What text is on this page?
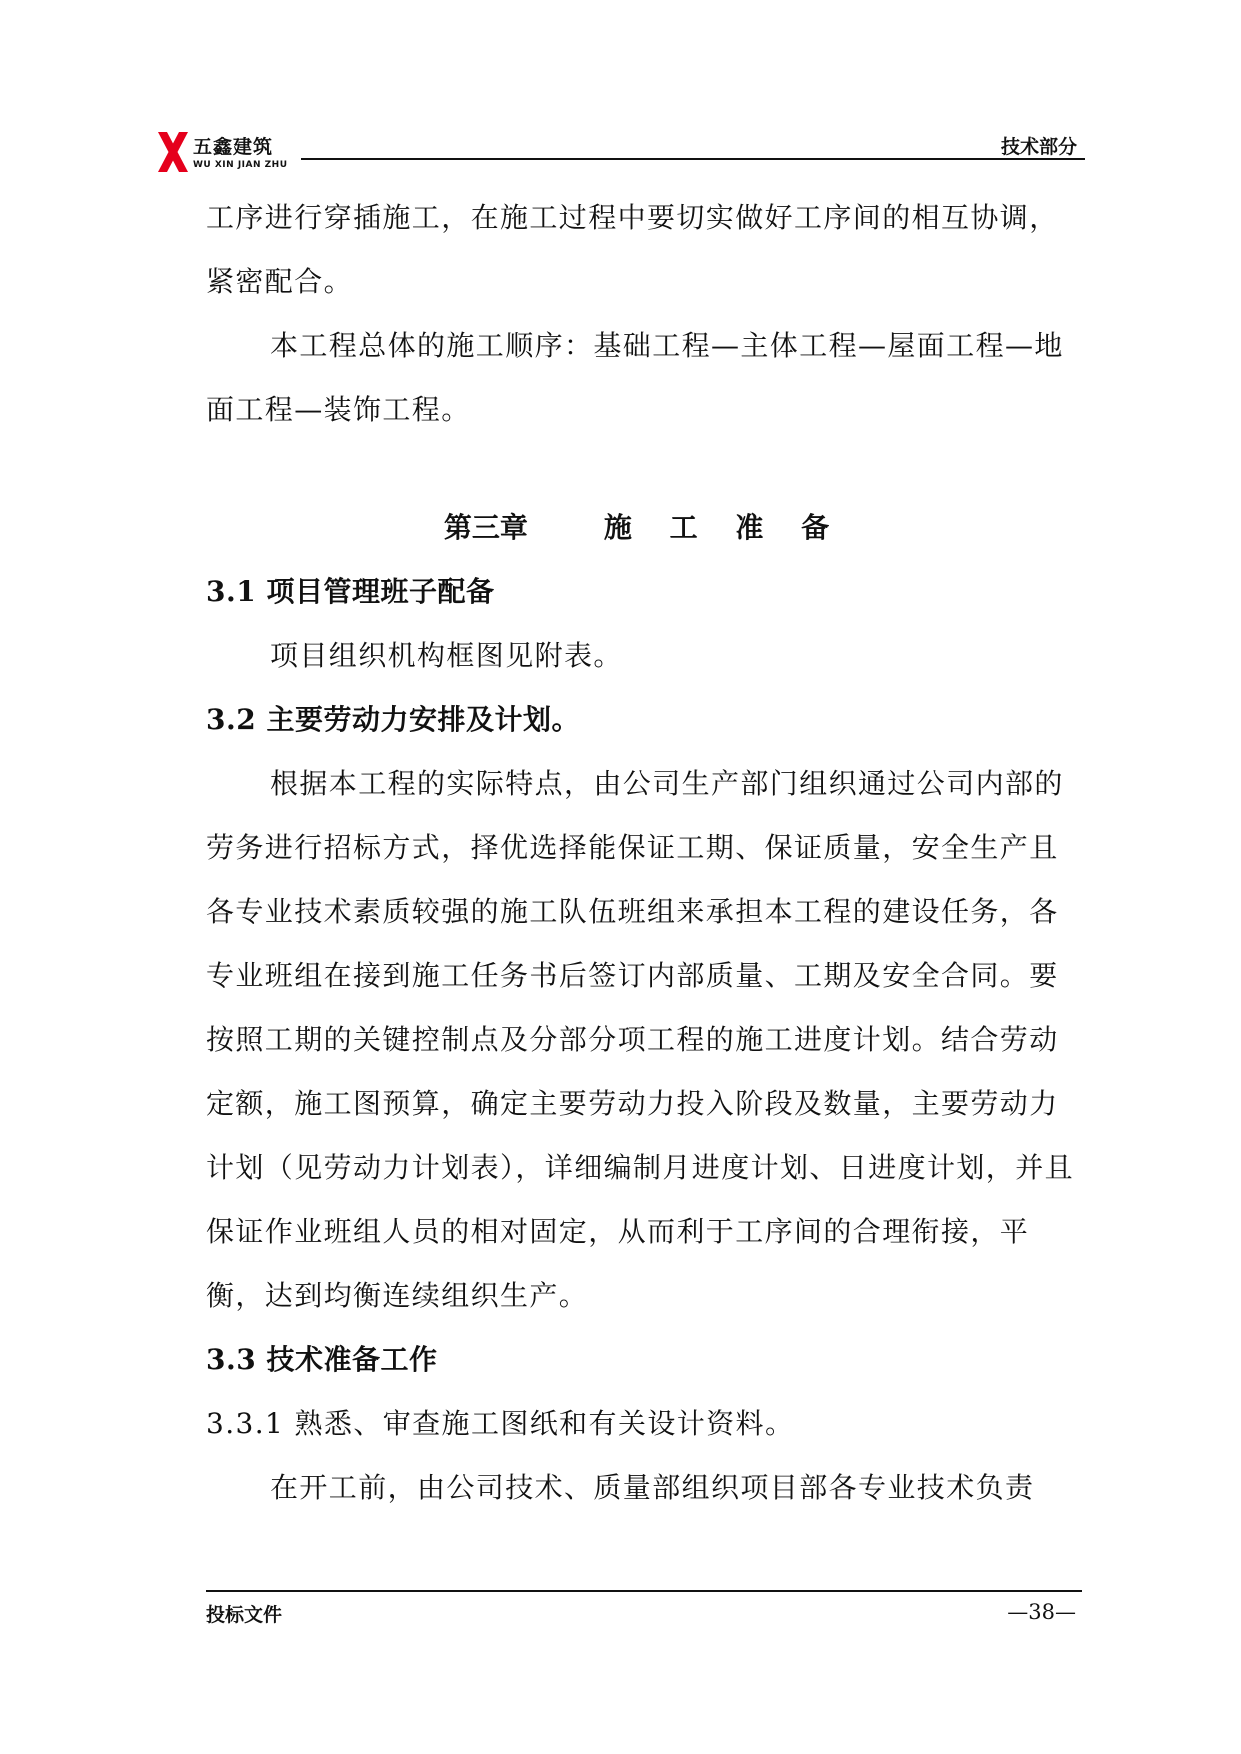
五鑫建筑
WU XIN JIAN ZHU
技术部分

工序进行穿插施工，在施工过程中要切实做好工序间的相互协调，紧密配合。

本工程总体的施工顺序：基础工程—主体工程—屋面工程—地面工程—装饰工程。

第三章	施 工 准 备
3.1 项目管理班子配备

项目组织机构框图见附表。

3.2 主要劳动力安排及计划。

根据本工程的实际特点，由公司生产部门组织通过公司内部的劳务进行招标方式，择优选择能保证工期、保证质量，安全生产且各专业技术素质较强的施工队伍班组来承担本工程的建设任务，各专业班组在接到施工任务书后签订内部质量、工期及安全合同。要按照工期的关键控制点及分部分项工程的施工进度计划。结合劳动定额，施工图预算，确定主要劳动力投入阶段及数量，主要劳动力计划（见劳动力计划表），详细编制月进度计划、日进度计划，并且保证作业班组人员的相对固定，从而利于工序间的合理衔接，平衡，达到均衡连续组织生产。

3.3 技术准备工作

3.3.1 熟悉、审查施工图纸和有关设计资料。

在开工前，由公司技术、质量部组织项目部各专业技术负责

投标文件	—38—
